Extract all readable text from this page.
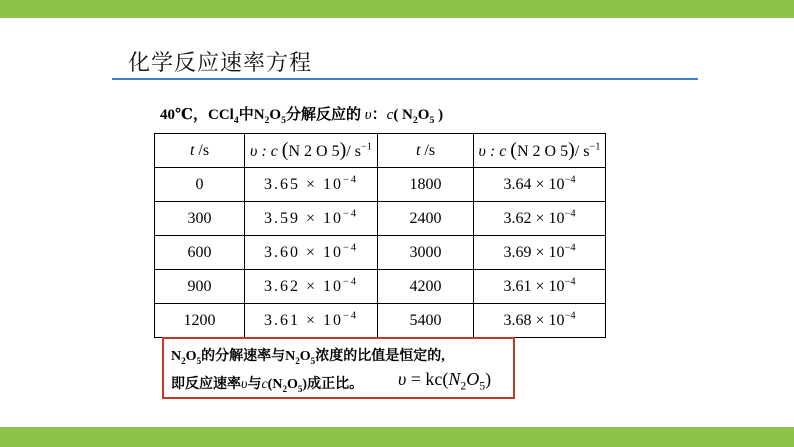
化学反应速率方程
40℃，CCl$_4$中$N_2O_5$分解反应的 υ：c( $N_2O_5$ )
t /s	υ : c (N 2 O 5)/ $s^{-1}$	t /s	υ : c (N 2 O 5)/ $s^{-1}$
0	$3.65 \times 10^{-4}$	1800	$3.64 \times 10^{-4}$
300	$3.59 \times 10^{-4}$	2400	$3.62 \times 10^{-4}$
600	$3.60 \times 10^{-4}$	3000	$3.69 \times 10^{-4}$
900	$3.62 \times 10^{-4}$	4200	$3.61 \times 10^{-4}$
1200	$3.61 \times 10^{-4}$	5400	$3.68 \times 10^{-4}$
$N_2O_5$的分解速率与$N_2O_5$浓度的比值是恒定的,
即反应速率υ与$c(N_2O_5)$成正比。 $\upsilon = kc(N_2O_5)$
